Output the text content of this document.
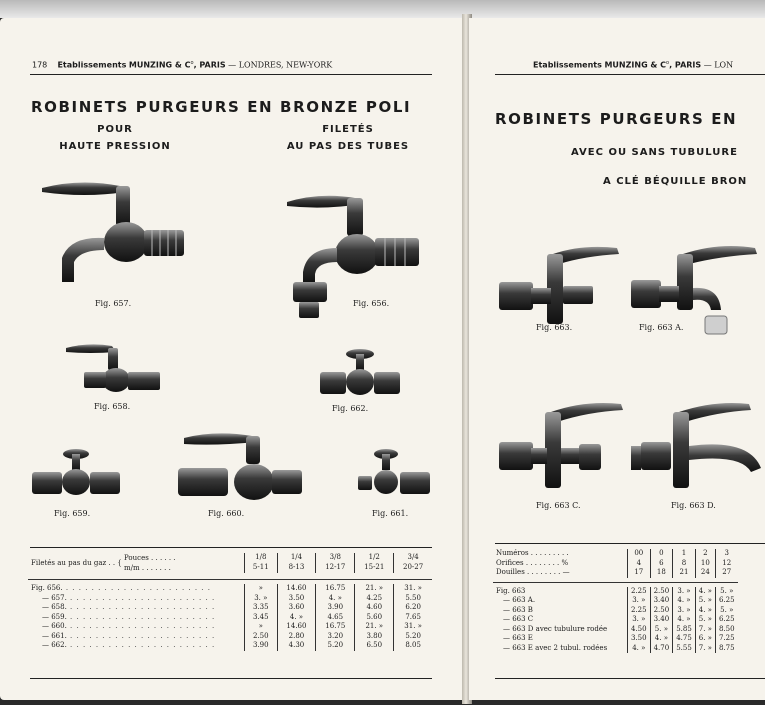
178 Etablissements MUNZING & $C^o$, PARIS — LONDRES, NEW-YORK
ROBINETS PURGEURS EN BRONZE POLI
POUR
HAUTE PRESSION
FILETÉS
AU PAS DES TUBES
Fig. 657.	Fig. 656.
Fig. 658.	Fig. 662.
Fig. 659.	Fig. 660.	Fig. 661.
Filetés au pas du gaz . . { Pouces . . . . . .
m/m . . . . . . .	1/8	1/4	3/8	1/2	3/4
	5-11	8-13	12-17	15-21	20-27

Fig. 656. . . .	»	14.60	16.75	21. »	31. »
— 657. . . .	3. »	3.50	4. »	4.25	5.50
— 658. . . .	3.35	3.60	3.90	4.60	6.20
— 659. . . .	3.45	4. »	4.65	5.60	7.65
— 660. . . .	»	14.60	16.75	21. »	31. »
— 661. . . .	2.50	2.80	3.20	3.80	5.20
— 662. . . .	3.90	4.30	5.20	6.50	8.05
Etablissements MUNZING & $C^o$, PARIS — LON
ROBINETS PURGEURS EN
AVEC OU SANS TUBULURE
A CLÉ BÉQUILLE BRON
Fig. 663.	Fig. 663 A.
Fig. 663 C.	Fig. 663 D.
Numéros . . . . . . . . .	00	0	1	2	3
Orifices . . . . . . . . %	4	6	8	10	12
Douilles . . . . . . . . —	17	18	21	24	27

Fig. 663	2.25	2.50	3. »	4. »	5. »
— 663 A.	3. »	3.40	4. »	5. »	6.25
— 663 B	2.25	2.50	3. »	4. »	5. »
— 663 C	3. »	3.40	4. »	5. »	6.25
— 663 D avec tubulure rodée	4.50	5. »	5.85	7. »	8.50
— 663 E	3.50	4. »	4.75	6. »	7.25
— 663 E avec 2 tubul. rodées	4. »	4.70	5.55	7. »	8.75
